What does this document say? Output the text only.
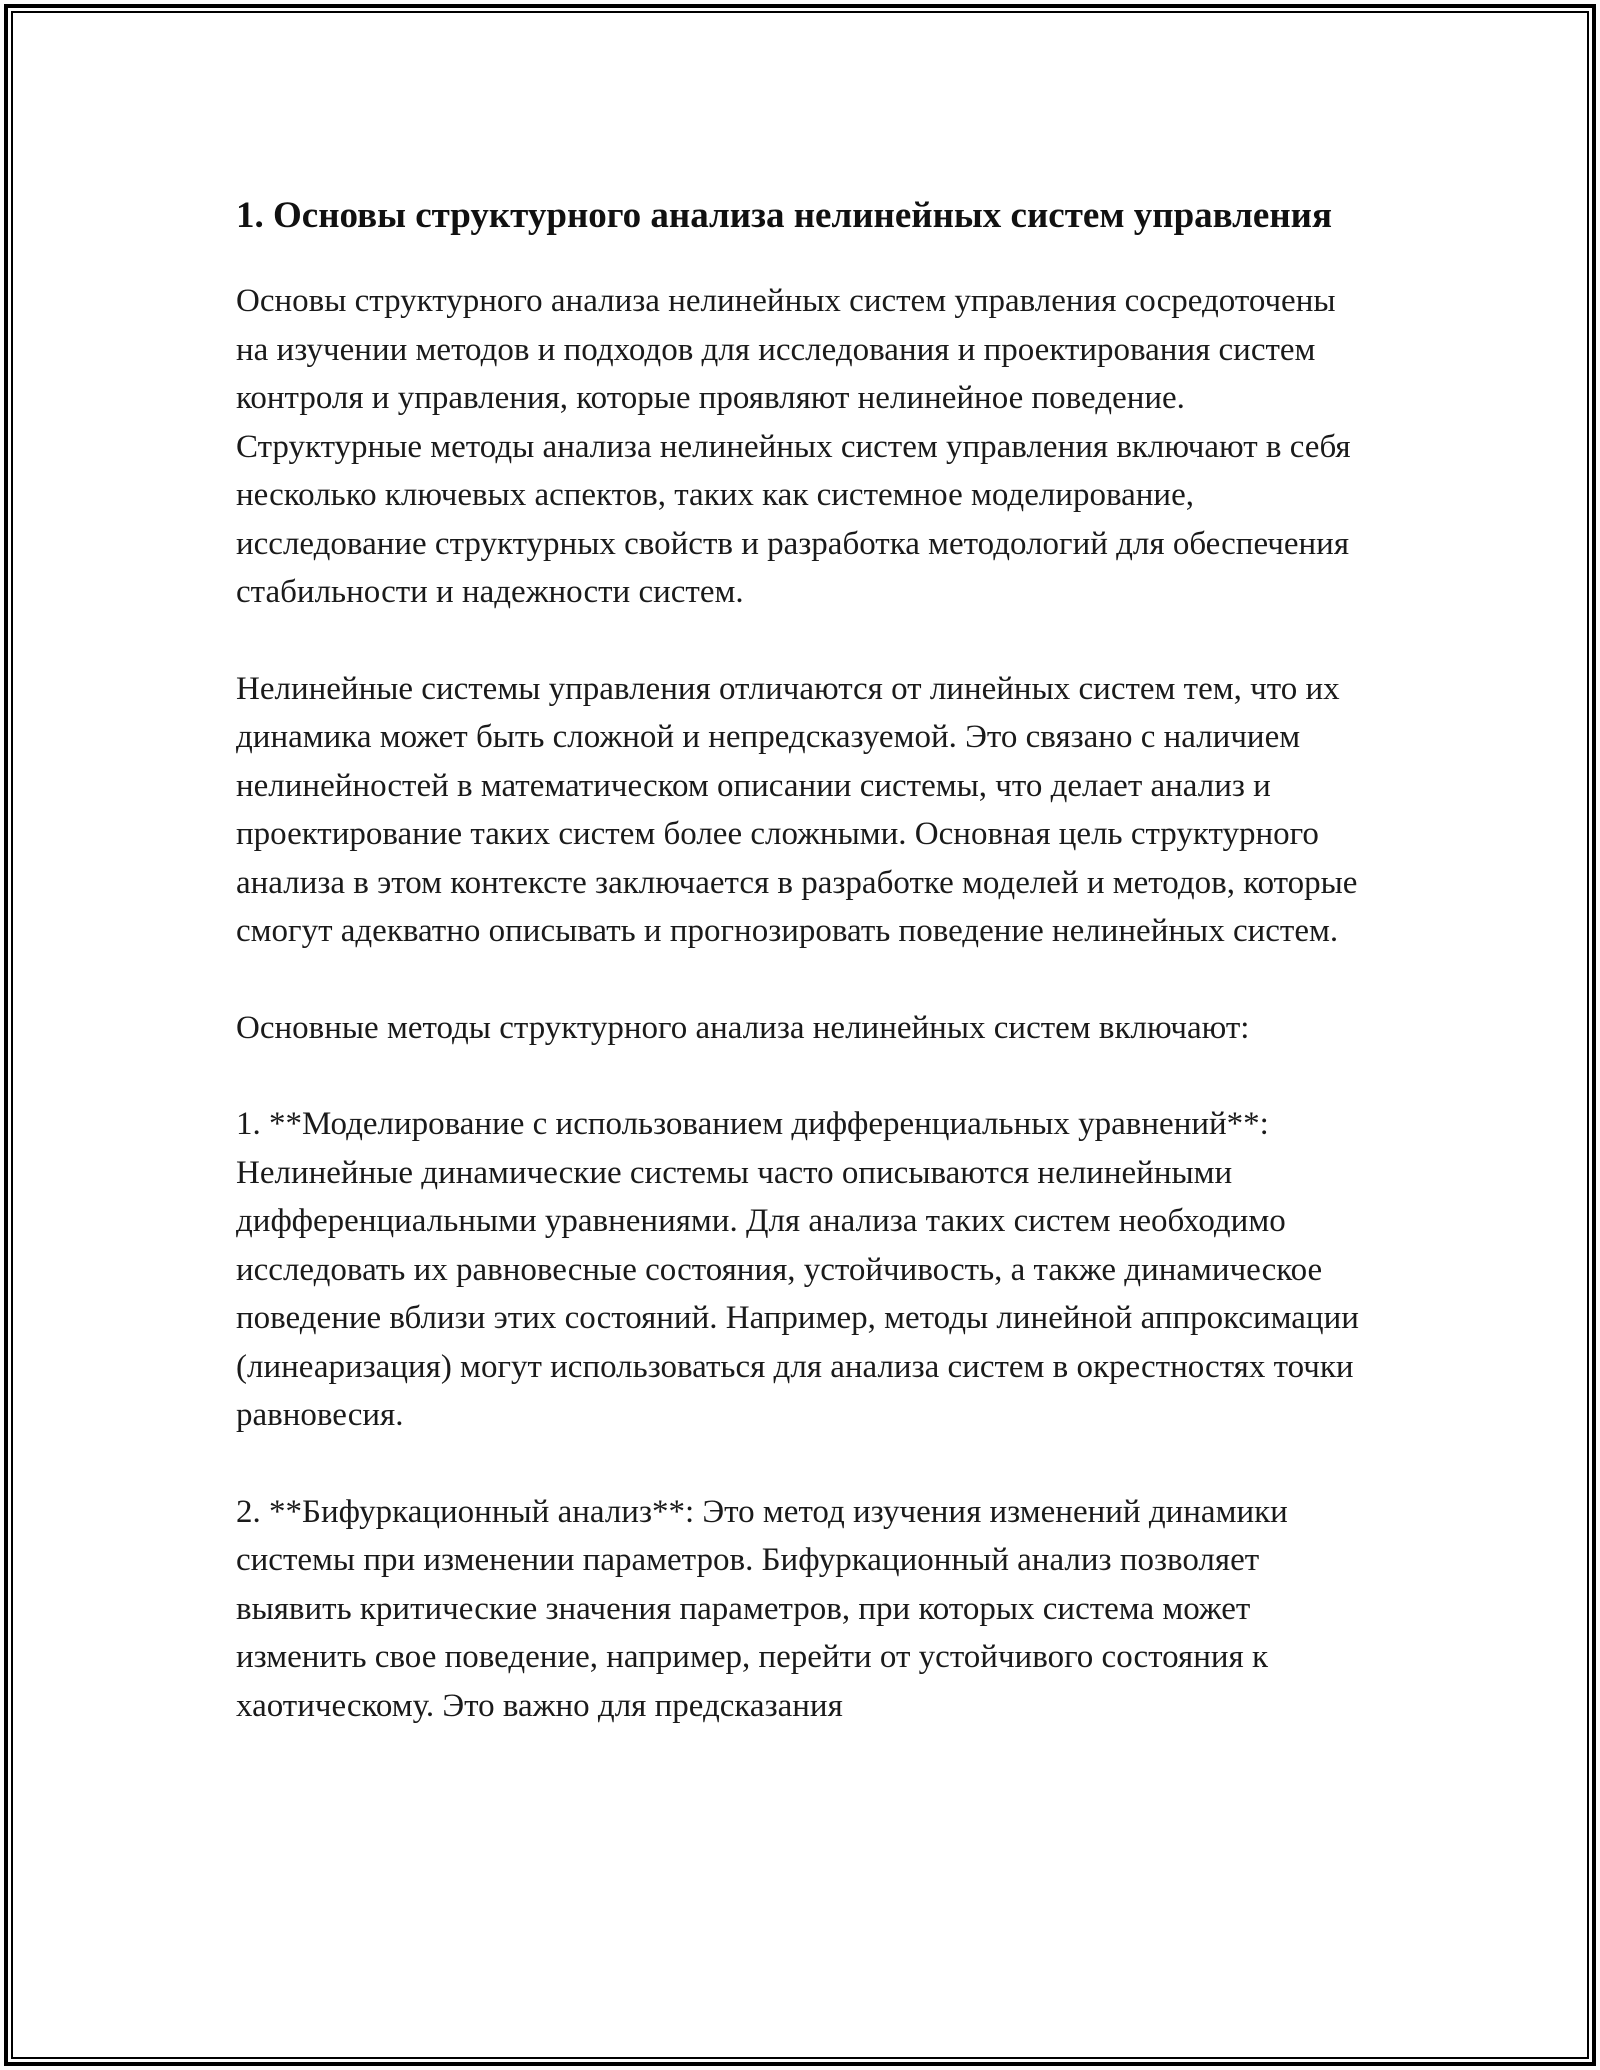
1. Основы структурного анализа нелинейных систем управления

Основы структурного анализа нелинейных систем управления сосредоточены на изучении методов и подходов для исследования и проектирования систем контроля и управления, которые проявляют нелинейное поведение. Структурные методы анализа нелинейных систем управления включают в себя несколько ключевых аспектов, таких как системное моделирование, исследование структурных свойств и разработка методологий для обеспечения стабильности и надежности систем.

Нелинейные системы управления отличаются от линейных систем тем, что их динамика может быть сложной и непредсказуемой. Это связано с наличием нелинейностей в математическом описании системы, что делает анализ и проектирование таких систем более сложными. Основная цель структурного анализа в этом контексте заключается в разработке моделей и методов, которые смогут адекватно описывать и прогнозировать поведение нелинейных систем.

Основные методы структурного анализа нелинейных систем включают:

1. **Моделирование с использованием дифференциальных уравнений**: Нелинейные динамические системы часто описываются нелинейными дифференциальными уравнениями. Для анализа таких систем необходимо исследовать их равновесные состояния, устойчивость, а также динамическое поведение вблизи этих состояний. Например, методы линейной аппроксимации (линеаризация) могут использоваться для анализа систем в окрестностях точки равновесия.

2. **Бифуркационный анализ**: Это метод изучения изменений динамики системы при изменении параметров. Бифуркационный анализ позволяет выявить критические значения параметров, при которых система может изменить свое поведение, например, перейти от устойчивого состояния к хаотическому. Это важно для предсказания
